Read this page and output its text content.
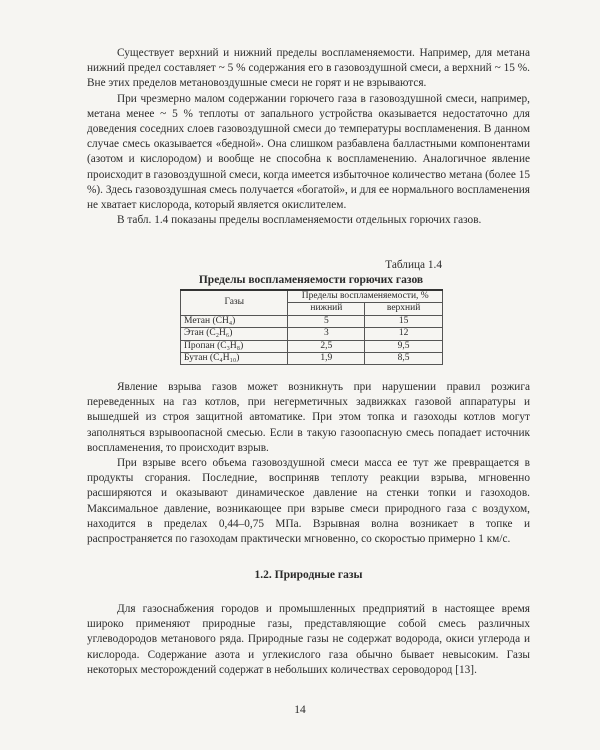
Существует верхний и нижний пределы воспламеняемости. Например, для метана нижний предел составляет ~ 5 % содержания его в газовоздушной смеси, а верхний ~ 15 %. Вне этих пределов метановоздушные смеси не горят и не взрываются.

При чрезмерно малом содержании горючего газа в газовоздушной смеси, например, метана менее ~ 5 % теплоты от запального устройства оказывается недостаточно для доведения соседних слоев газовоздушной смеси до температуры воспламенения. В данном случае смесь оказывается «бедной». Она слишком разбавлена балластными компонентами (азотом и кислородом) и вообще не способна к воспламенению. Аналогичное явление происходит в газовоздушной смеси, когда имеется избыточное количество метана (более 15 %). Здесь газовоздушная смесь получается «богатой», и для ее нормального воспламенения не хватает кислорода, который является окислителем.

В табл. 1.4 показаны пределы воспламеняемости отдельных горючих газов.

Таблица 1.4
Пределы воспламеняемости горючих газов
Газы	Пределы воспламеняемости, %	
	нижний	верхний
Метан (CH₄)	5	15
Этан (C₂H₆)	3	12
Пропан (C₃H₈)	2,5	9,5
Бутан (C₄H₁₀)	1,9	8,5

Явление взрыва газов может возникнуть при нарушении правил розжига переведенных на газ котлов, при негерметичных задвижках газовой аппаратуры и вышедшей из строя защитной автоматике. При этом топка и газоходы котлов могут заполняться взрывоопасной смесью. Если в такую газоопасную смесь попадает источник воспламенения, то происходит взрыв.

При взрыве всего объема газовоздушной смеси масса ее тут же превращается в продукты сгорания. Последние, восприняв теплоту реакции взрыва, мгновенно расширяются и оказывают динамическое давление на стенки топки и газоходов. Максимальное давление, возникающее при взрыве смеси природного газа с воздухом, находится в пределах 0,44–0,75 МПа. Взрывная волна возникает в топке и распространяется по газоходам практически мгновенно, со скоростью примерно 1 км/с.

1.2. Природные газы

Для газоснабжения городов и промышленных предприятий в настоящее время широко применяют природные газы, представляющие собой смесь различных углеводородов метанового ряда. Природные газы не содержат водорода, окиси углерода и кислорода. Содержание азота и углекислого газа обычно бывает невысоким. Газы некоторых месторождений содержат в небольших количествах сероводород [13].

14
